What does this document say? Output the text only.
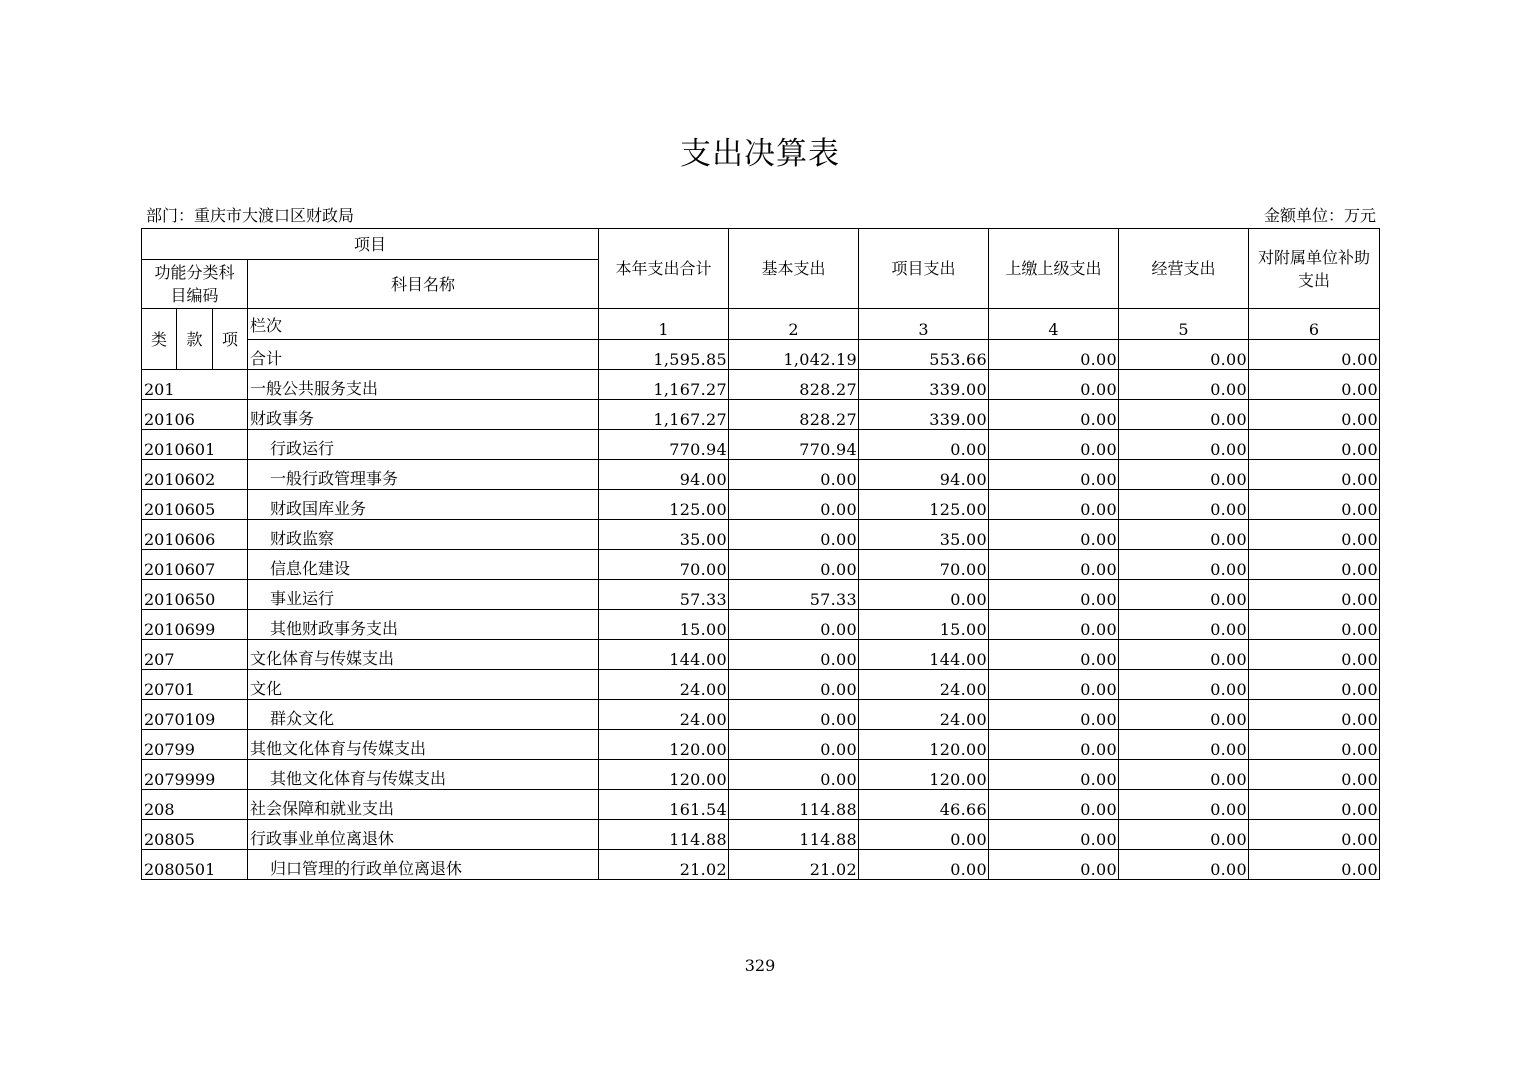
支出决算表
部门：重庆市大渡口区财政局	金额单位：万元
项目				本年支出合计	基本支出	项目支出	上缴上级支出	经营支出	对附属单位补助支出
功能分类科目编码			科目名称						
类	款	项	栏次	1	2	3	4	5	6
			合计	1,595.85	1,042.19	553.66	0.00	0.00	0.00
201			一般公共服务支出	1,167.27	828.27	339.00	0.00	0.00	0.00
20106			财政事务	1,167.27	828.27	339.00	0.00	0.00	0.00
2010601			行政运行	770.94	770.94	0.00	0.00	0.00	0.00
2010602			一般行政管理事务	94.00	0.00	94.00	0.00	0.00	0.00
2010605			财政国库业务	125.00	0.00	125.00	0.00	0.00	0.00
2010606			财政监察	35.00	0.00	35.00	0.00	0.00	0.00
2010607			信息化建设	70.00	0.00	70.00	0.00	0.00	0.00
2010650			事业运行	57.33	57.33	0.00	0.00	0.00	0.00
2010699			其他财政事务支出	15.00	0.00	15.00	0.00	0.00	0.00
207			文化体育与传媒支出	144.00	0.00	144.00	0.00	0.00	0.00
20701			文化	24.00	0.00	24.00	0.00	0.00	0.00
2070109			群众文化	24.00	0.00	24.00	0.00	0.00	0.00
20799			其他文化体育与传媒支出	120.00	0.00	120.00	0.00	0.00	0.00
2079999			其他文化体育与传媒支出	120.00	0.00	120.00	0.00	0.00	0.00
208			社会保障和就业支出	161.54	114.88	46.66	0.00	0.00	0.00
20805			行政事业单位离退休	114.88	114.88	0.00	0.00	0.00	0.00
2080501			归口管理的行政单位离退休	21.02	21.02	0.00	0.00	0.00	0.00
329
